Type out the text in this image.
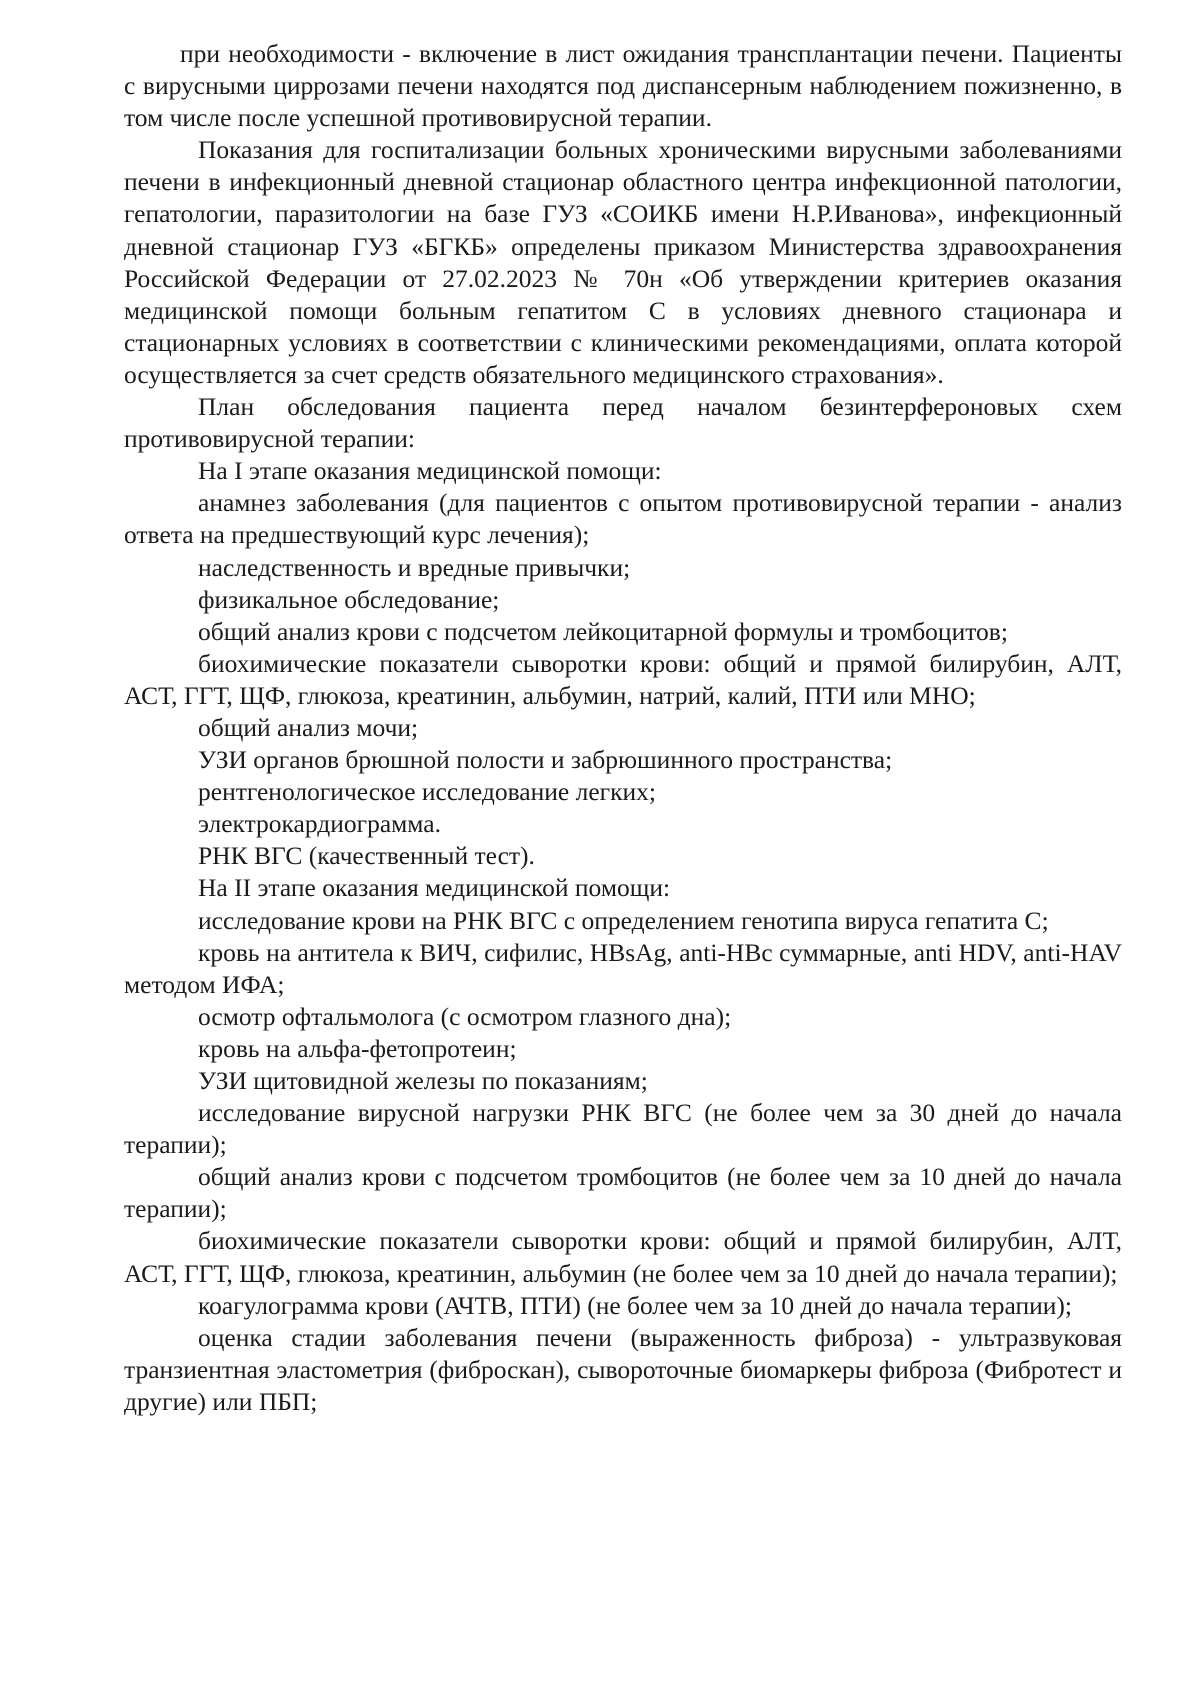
при необходимости - включение в лист ожидания трансплантации печени. Пациенты с вирусными циррозами печени находятся под диспансерным наблюдением пожизненно, в том числе после успешной противовирусной терапии.

Показания для госпитализации больных хроническими вирусными заболеваниями печени в инфекционный дневной стационар областного центра инфекционной патологии, гепатологии, паразитологии на базе ГУЗ «СОИКБ имени Н.Р.Иванова», инфекционный дневной стационар ГУЗ «БГКБ» определены приказом Министерства здравоохранения Российской Федерации от 27.02.2023 № 70н «Об утверждении критериев оказания медицинской помощи больным гепатитом С в условиях дневного стационара и стационарных условиях в соответствии с клиническими рекомендациями, оплата которой осуществляется за счет средств обязательного медицинского страхования».

План обследования пациента перед началом безинтерфероновых схем противовирусной терапии:

На I этапе оказания медицинской помощи:

анамнез заболевания (для пациентов с опытом противовирусной терапии - анализ ответа на предшествующий курс лечения);

наследственность и вредные привычки;

физикальное обследование;

общий анализ крови с подсчетом лейкоцитарной формулы и тромбоцитов;

биохимические показатели сыворотки крови: общий и прямой билирубин, АЛТ, АСТ, ГГТ, ЩФ, глюкоза, креатинин, альбумин, натрий, калий, ПТИ или МНО;

общий анализ мочи;

УЗИ органов брюшной полости и забрюшинного пространства;

рентгенологическое исследование легких;

электрокардиограмма.

РНК ВГС (качественный тест).

На II этапе оказания медицинской помощи:

исследование крови на РНК ВГС с определением генотипа вируса гепатита С;

кровь на антитела к ВИЧ, сифилис, HBsAg, anti-HBc суммарные, anti HDV, anti-HAV методом ИФА;

осмотр офтальмолога (с осмотром глазного дна);

кровь на альфа-фетопротеин;

УЗИ щитовидной железы по показаниям;

исследование вирусной нагрузки РНК ВГС (не более чем за 30 дней до начала терапии);

общий анализ крови с подсчетом тромбоцитов (не более чем за 10 дней до начала терапии);

биохимические показатели сыворотки крови: общий и прямой билирубин, АЛТ, АСТ, ГГТ, ЩФ, глюкоза, креатинин, альбумин (не более чем за 10 дней до начала терапии);

коагулограмма крови (АЧТВ, ПТИ) (не более чем за 10 дней до начала терапии);

оценка стадии заболевания печени (выраженность фиброза) - ультразвуковая транзиентная эластометрия (фиброскан), сывороточные биомаркеры фиброза (Фибротест и другие) или ПБП;
